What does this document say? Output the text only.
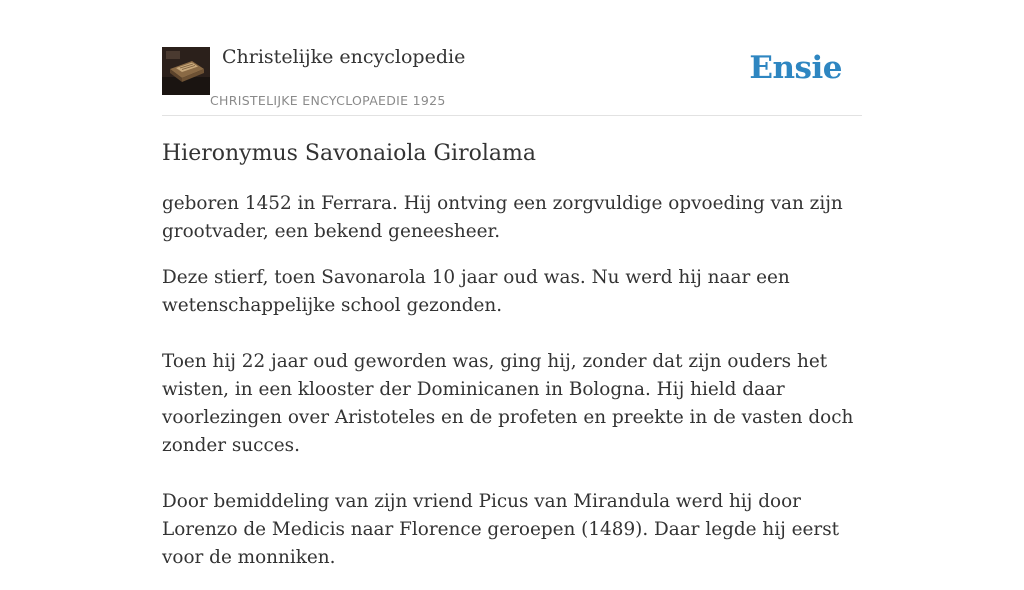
Christelijke encyclopedie
CHRISTELIJKE ENCYCLOPAEDIE 1925
Ensie
Hieronymus Savonaiola Girolama

geboren 1452 in Ferrara. Hij ontving een zorgvuldige opvoeding van zijn grootvader, een bekend geneesheer.

Deze stierf, toen Savonarola 10 jaar oud was. Nu werd hij naar een wetenschappelijke school gezonden.

Toen hij 22 jaar oud geworden was, ging hij, zonder dat zijn ouders het wisten, in een klooster der Dominicanen in Bologna. Hij hield daar voorlezingen over Aristoteles en de profeten en preekte in de vasten doch zonder succes.

Door bemiddeling van zijn vriend Picus van Mirandula werd hij door Lorenzo de Medicis naar Florence geroepen (1489). Daar legde hij eerst voor de monniken.
